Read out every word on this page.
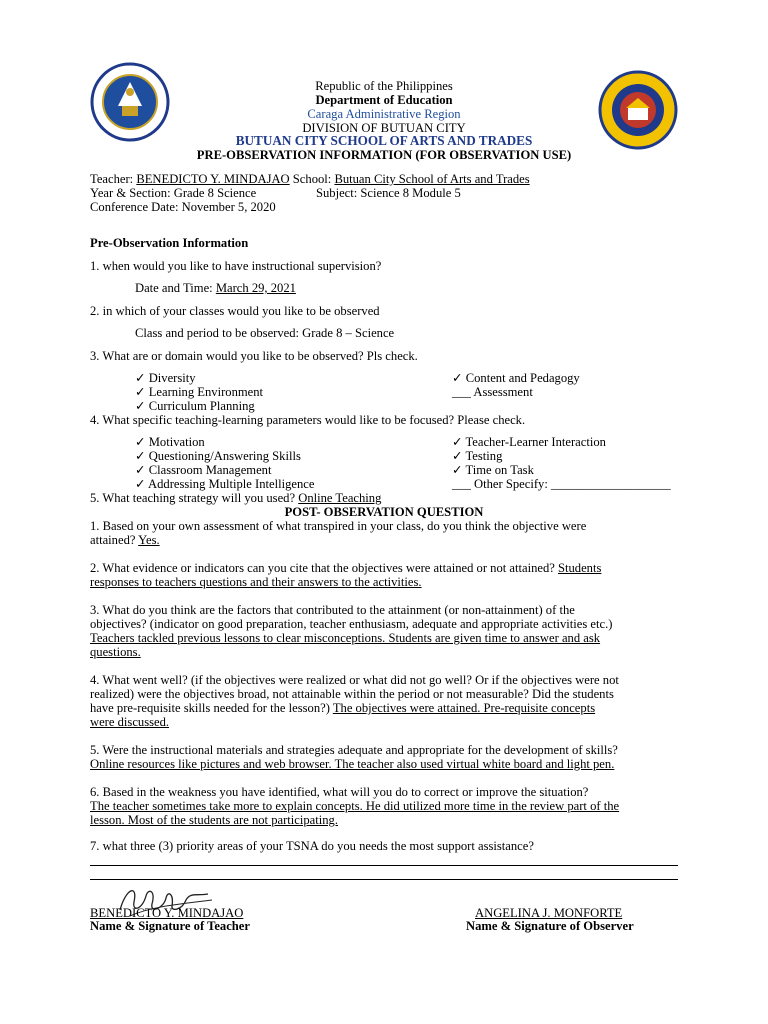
Republic of the Philippines
Department of Education
Caraga Administrative Region
DIVISION OF BUTUAN CITY
BUTUAN CITY SCHOOL OF ARTS AND TRADES
PRE-OBSERVATION INFORMATION (FOR OBSERVATION USE)
Teacher: BENEDICTO Y. MINDAJAO School: Butuan City School of Arts and Trades
Year & Section: Grade 8 Science	Subject: Science 8 Module 5
Conference Date: November 5, 2020
Pre-Observation Information
1. when would you like to have instructional supervision?
Date and Time: March 29, 2021
2. in which of your classes would you like to be observed
Class and period to be observed: Grade 8 – Science
3. What are or domain would you like to be observed? Pls check.
✓ Diversity
✓ Learning Environment
✓ Curriculum Planning
✓ Content and Pedagogy
___ Assessment
4. What specific teaching-learning parameters would like to be focused? Please check.
✓ Motivation
✓ Questioning/Answering Skills
✓ Classroom Management
✓ Addressing Multiple Intelligence
✓ Teacher-Learner Interaction
✓ Testing
✓ Time on Task
___ Other Specify: ___________________
5. What teaching strategy will you used? Online Teaching
POST- OBSERVATION QUESTION
1. Based on your own assessment of what transpired in your class, do you think the objective were
attained? Yes.
2. What evidence or indicators can you cite that the objectives were attained or not attained? Students
responses to teachers questions and their answers to the activities.
3. What do you think are the factors that contributed to the attainment (or non-attainment) of the
objectives? (indicator on good preparation, teacher enthusiasm, adequate and appropriate activities etc.)
Teachers tackled previous lessons to clear misconceptions. Students are given time to answer and ask
questions.
4. What went well? (if the objectives were realized or what did not go well? Or if the objectives were not
realized) were the objectives broad, not attainable within the period or not measurable? Did the students
have pre-requisite skills needed for the lesson?) The objectives were attained. Pre-requisite concepts
were discussed.
5. Were the instructional materials and strategies adequate and appropriate for the development of skills?
Online resources like pictures and web browser. The teacher also used virtual white board and light pen.
6. Based in the weakness you have identified, what will you do to correct or improve the situation?
The teacher sometimes take more to explain concepts. He did utilized more time in the review part of the
lesson. Most of the students are not participating.
7. what three (3) priority areas of your TSNA do you needs the most support assistance?
BENEDICTO Y. MINDAJAO
Name & Signature of Teacher
ANGELINA J. MONFORTE
Name & Signature of Observer
